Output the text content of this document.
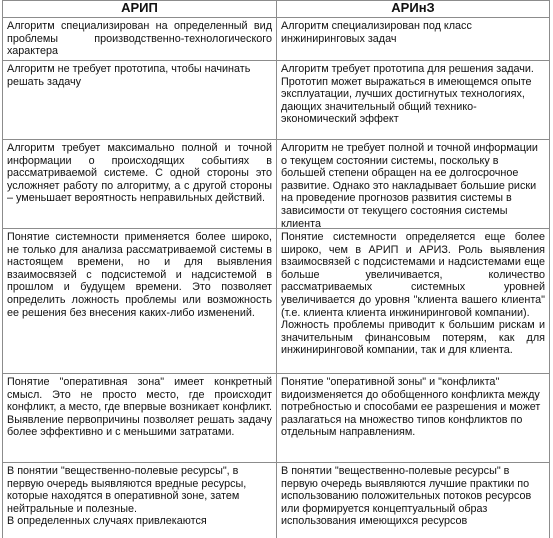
АРИП	АРИнЗ
Алгоритм специализирован на определенный вид проблемы производственно-технологического характера
Алгоритм специализирован под класс инжиниринговых задач
Алгоритм не требует прототипа, чтобы начинать решать задачу
Алгоритм требует прототипа для решения задачи. Прототип может выражаться в имеющемся опыте эксплуатации, лучших достигнутых технологиях, дающих значительный общий технико-экономический эффект
Алгоритм требует максимально полной и точной информации о происходящих событиях в рассматриваемой системе. С одной стороны это усложняет работу по алгоритму, а с другой стороны – уменьшает вероятность неправильных действий.
Алгоритм не требует полной и точной информации о текущем состоянии системы, поскольку в большей степени обращен на ее долгосрочное развитие. Однако это накладывает большие риски на проведение прогнозов развития системы в зависимости от текущего состояния системы клиента
Понятие системности применяется более широко, не только для анализа рассматриваемой системы в настоящем времени, но и для выявления взаимосвязей с подсистемой и надсистемой в прошлом и будущем времени. Это позволяет определить ложность проблемы или возможность ее решения без внесения каких-либо изменений.
Понятие системности определяется еще более широко, чем в АРИП и АРИЗ. Роль выявления взаимосвязей с подсистемами и надсистемами еще больше увеличивается, количество рассматриваемых системных уровней увеличивается до уровня "клиента вашего клиента" (т.е. клиента клиента инжиниринговой компании).
Ложность проблемы приводит к большим рискам и значительным финансовым потерям, как для инжиниринговой компании, так и для клиента.
Понятие "оперативная зона" имеет конкретный смысл. Это не просто место, где происходит конфликт, а место, где впервые возникает конфликт. Выявление первопричины позволяет решать задачу более эффективно и с меньшими затратами.
Понятие "оперативной зоны" и "конфликта" видоизменяется до обобщенного конфликта между потребностью и способами ее разрешения и может разлагаться на множество типов конфликтов по отдельным направлениям.
В понятии "вещественно-полевые ресурсы", в первую очередь выявляются вредные ресурсы, которые находятся в оперативной зоне, затем нейтральные и полезные.
В определенных случаях привлекаются
В понятии "вещественно-полевые ресурсы" в первую очередь выявляются лучшие практики по использованию положительных потоков ресурсов или формируется концептуальный образ использования имеющихся ресурсов
